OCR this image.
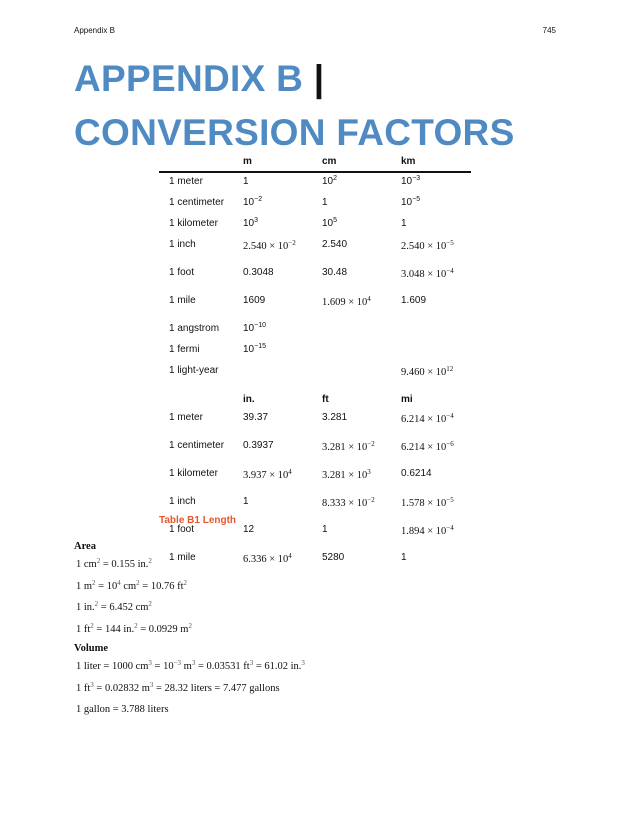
Appendix B	745
APPENDIX B | CONVERSION FACTORS
	m	cm	km
1 meter	1	$10^2$	$10^{-3}$
1 centimeter	$10^{-2}$	1	$10^{-5}$
1 kilometer	$10^3$	$10^5$	1
1 inch	$2.540 \times 10^{-2}$	2.540	$2.540 \times 10^{-5}$
1 foot	0.3048	30.48	$3.048 \times 10^{-4}$
1 mile	1609	$1.609 \times 10^4$	1.609
1 angstrom	$10^{-10}$		
1 fermi	$10^{-15}$		
1 light-year			$9.460 \times 10^{12}$
	in.	ft	mi
1 meter	39.37	3.281	$6.214 \times 10^{-4}$
1 centimeter	0.3937	$3.281 \times 10^{-2}$	$6.214 \times 10^{-6}$
1 kilometer	$3.937 \times 10^4$	$3.281 \times 10^3$	0.6214
1 inch	1	$8.333 \times 10^{-2}$	$1.578 \times 10^{-5}$
1 foot	12	1	$1.894 \times 10^{-4}$
1 mile	$6.336 \times 10^4$	5280	1
Table B1 Length
Area
1 $cm^2 = 0.155$ in.$^2$
1 $m^2 = 10^4$ $cm^2 = 10.76$ $ft^2$
1 in.$^2$ = 6.452 $cm^2$
1 $ft^2 = 144$ in.$^2$ = 0.0929 $m^2$
Volume
1 liter = 1000 $cm^3 = 10^{-3}$ $m^3 = 0.03531$ $ft^3 = 61.02$ in.$^3$
1 $ft^3 = 0.02832$ $m^3 = 28.32$ liters = 7.477 gallons
1 gallon = 3.788 liters
